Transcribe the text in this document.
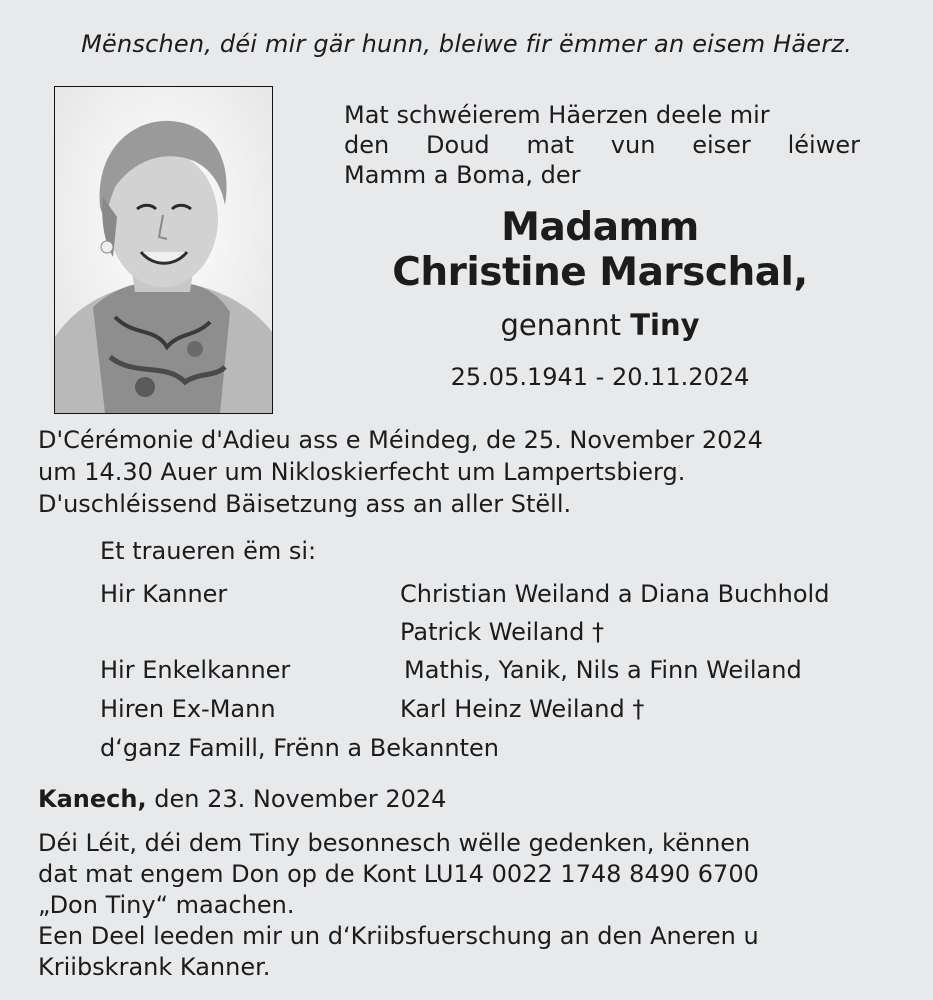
Mënschen, déi mir gär hunn, bleiwe fir ëmmer an eisem Häerz.
Mat schwéierem Häerzen deele mir
den Doud mat vun eiser léiwer
Mamm a Boma, der
Madamm
Christine Marschal,
genannt Tiny
25.05.1941 - 20.11.2024
D'Cérémonie d'Adieu ass e Méindeg, de 25. November 2024
um 14.30 Auer um Nikloskierfecht um Lampertsbierg.
D'uschléissend Bäisetzung ass an aller Stëll.
Et traueren ëm si:
Hir Kanner	Christian Weiland a Diana Buchhold
Patrick Weiland †
Hir Enkelkanner	Mathis, Yanik, Nils a Finn Weiland
Hiren Ex-Mann	Karl Heinz Weiland †
d‘ganz Famill, Frënn a Bekannten
Kanech, den 23. November 2024
Déi Léit, déi dem Tiny besonnesch wëlle gedenken, kënnen
dat mat engem Don op de Kont LU14 0022 1748 8490 6700
„Don Tiny“ maachen.
Een Deel leeden mir un d‘Kriibsfuerschung an den Aneren u
Kriibskrank Kanner.
